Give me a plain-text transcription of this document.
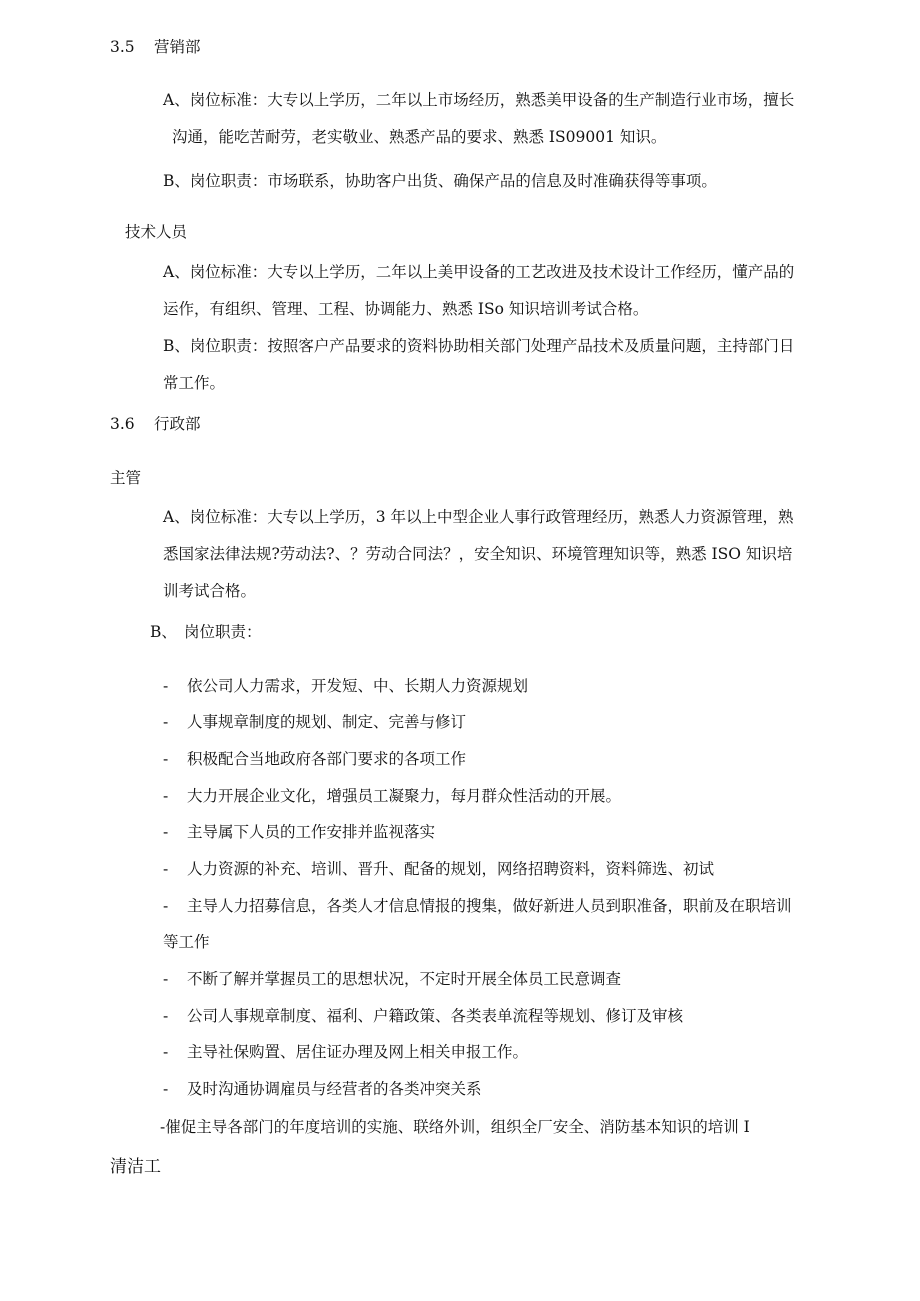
3.5 营销部
A、岗位标准：大专以上学历，二年以上市场经历，熟悉美甲设备的生产制造行业市场，擅长
沟通，能吃苦耐劳，老实敬业、熟悉产品的要求、熟悉 IS09001 知识。
B、岗位职责：市场联系，协助客户出货、确保产品的信息及时准确获得等事项。
技术人员
A、岗位标准：大专以上学历，二年以上美甲设备的工艺改进及技术设计工作经历，懂产品的
运作，有组织、管理、工程、协调能力、熟悉 ISo 知识培训考试合格。
B、岗位职责：按照客户产品要求的资料协助相关部门处理产品技术及质量问题，主持部门日
常工作。
3.6 行政部
主管
A、岗位标准：大专以上学历，3 年以上中型企业人事行政管理经历，熟悉人力资源管理，熟
悉国家法律法规?劳动法?、？劳动合同法？，安全知识、环境管理知识等，熟悉 ISO 知识培
训考试合格。
B、 岗位职责：
- 依公司人力需求，开发短、中、长期人力资源规划
- 人事规章制度的规划、制定、完善与修订
- 积极配合当地政府各部门要求的各项工作
- 大力开展企业文化，增强员工凝聚力，每月群众性活动的开展。
- 主导属下人员的工作安排并监视落实
- 人力资源的补充、培训、晋升、配备的规划，网络招聘资料，资料筛选、初试
- 主导人力招募信息，各类人才信息情报的搜集，做好新进人员到职准备，职前及在职培训
等工作
- 不断了解并掌握员工的思想状况，不定时开展全体员工民意调查
- 公司人事规章制度、福利、户籍政策、各类表单流程等规划、修订及审核
- 主导社保购置、居住证办理及网上相关申报工作。
- 及时沟通协调雇员与经营者的各类冲突关系
-催促主导各部门的年度培训的实施、联络外训，组织全厂安全、消防基本知识的培训 I
清洁工
